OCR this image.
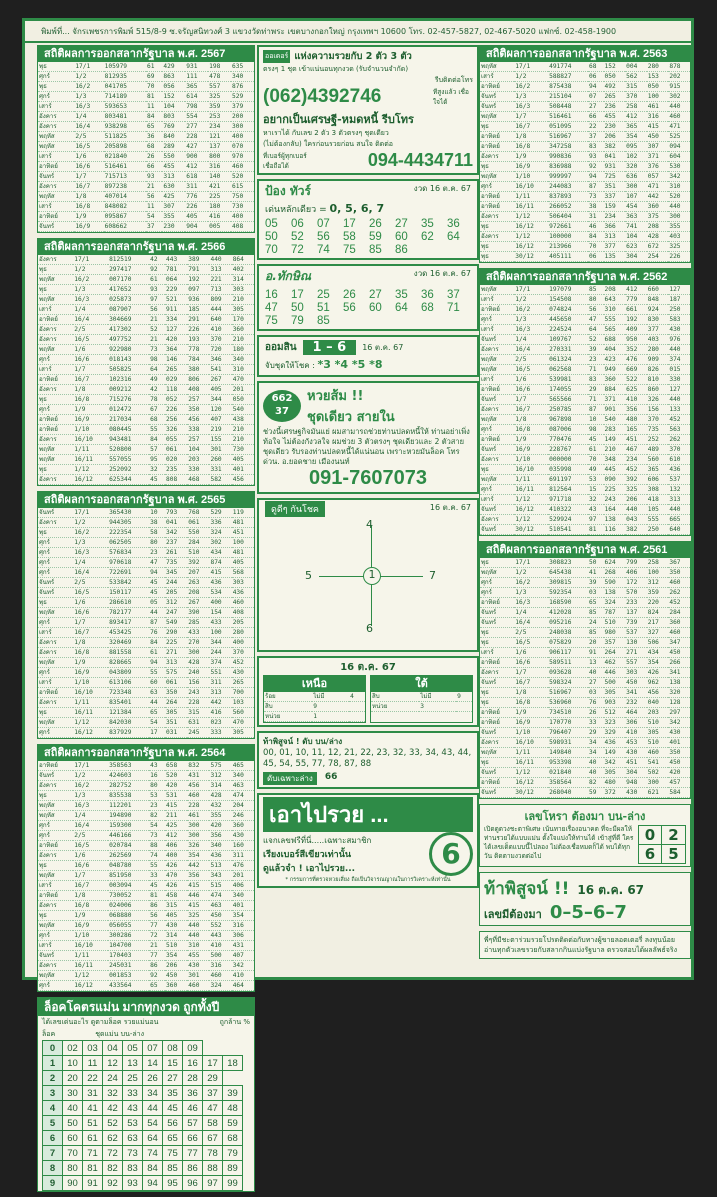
พิมพ์ที่... จักรเพชรการพิมพ์ 515/8-9 ซ.จรัญสนิทวงศ์ 3 แขวงวัดท่าพระ เขตบางกอกใหญ่ กรุงเทพฯ 10600 โทร. 02-457-5827, 02-467-5020 แฟกซ์. 02-458-1900
สถิติผลการออกสลากรัฐบาล พ.ศ. 2567
พุธ	17/1	105979	61	429	931	198	635
ศุกร์	1/2	812935	69	863	111	478	340
พุธ	16/2	041705	70	056	365	557	876
ศุกร์	1/3	714189	81	152	614	325	529
เสาร์	16/3	593653	11	104	798	359	379
อังคาร	1/4	803481	84	803	554	253	200
อังคาร	16/4	938298	65	769	277	234	300
พฤหัส	2/5	511825	36	840	228	121	400
พฤหัส	16/5	205898	68	289	427	137	070
เสาร์	1/6	021840	26	550	900	800	970
อาทิตย์	16/6	516461	66	455	412	316	460
จันทร์	1/7	715713	93	313	618	140	520
อังคาร	16/7	897238	21	630	311	421	615
พฤหัส	1/8	407014	56	425	776	225	750
เสาร์	16/8	848082	11	307	226	180	730
อาทิตย์	1/9	095867	54	355	405	416	400
จันทร์	16/9	608662	37	230	904	005	408
สถิติผลการออกสลากรัฐบาล พ.ศ. 2566
อังคาร	17/1	812519	42	443	389	440	864
พุธ	1/2	297417	92	781	791	313	402
พฤหัส	16/2	007170	61	064	192	221	314
พุธ	1/3	417652	93	229	097	713	303
พฤหัส	16/3	025873	97	521	936	809	210
เสาร์	1/4	087907	56	911	185	444	305
อาทิตย์	16/4	304669	21	334	291	640	170
อังคาร	2/5	417302	52	127	226	410	360
อังคาร	16/5	497752	21	420	193	370	210
พฤหัส	1/6	922980	73	364	778	720	180
ศุกร์	16/6	018143	98	146	784	346	340
เสาร์	1/7	505825	64	265	380	541	310
อาทิตย์	16/7	102316	49	029	806	267	470
อังคาร	1/8	009212	42	118	408	405	201
พุธ	16/8	715276	78	052	257	344	050
ศุกร์	1/9	012472	67	226	350	120	540
อาทิตย์	16/9	217034	68	256	456	407	438
อาทิตย์	1/10	080445	55	326	338	219	210
อังคาร	16/10	943481	84	055	257	155	210
พฤหัส	1/11	520800	57	061	104	301	730
พฤหัส	16/11	557055	95	020	203	260	405
พุธ	1/12	252092	32	235	330	331	401
อังคาร	16/12	625344	45	808	468	582	456
สถิติผลการออกสลากรัฐบาล พ.ศ. 2565
จันทร์	17/1	365430	10	793	768	529	119
อังคาร	1/2	944305	38	041	061	336	481
พุธ	16/2	222354	58	342	550	324	451
ศุกร์	1/3	062505	80	237	284	302	100
ศุกร์	16/3	576834	23	261	510	434	481
ศุกร์	1/4	970618	47	735	392	874	405
ศุกร์	16/4	722691	94	345	207	415	568
จันทร์	2/5	533842	45	244	263	436	303
จันทร์	16/5	150117	45	205	208	534	436
พุธ	1/6	286610	05	312	267	400	460
พฤหัส	16/6	782177	44	247	390	154	408
ศุกร์	1/7	893417	87	549	285	433	205
เสาร์	16/7	453425	76	290	433	100	280
อังคาร	1/8	320469	84	225	270	344	400
อังคาร	16/8	881558	61	271	300	244	370
พฤหัส	1/9	828665	94	313	428	374	452
ศุกร์	16/9	043809	55	575	240	551	430
เสาร์	1/10	613106	60	061	156	311	265
อาทิตย์	16/10	723348	63	350	243	313	700
อังคาร	1/11	835401	44	264	228	442	103
พุธ	16/11	121384	65	305	315	416	560
พฤหัส	1/12	842030	54	351	631	023	470
ศุกร์	16/12	837929	17	031	245	333	305
สถิติผลการออกสลากรัฐบาล พ.ศ. 2564
อาทิตย์	17/1	358563	43	658	832	575	465
จันทร์	1/2	424603	16	520	431	312	340
อังคาร	16/2	282752	80	420	456	314	463
พุธ	1/3	835538	53	531	460	428	474
พฤหัส	16/3	112201	23	415	228	432	204
พฤหัส	1/4	194890	82	211	461	355	246
ศุกร์	16/4	159300	54	425	300	420	360
ศุกร์	2/5	446166	73	412	300	356	430
อาทิตย์	16/5	020784	88	406	326	340	160
อังคาร	1/6	262569	74	400	354	436	311
พุธ	16/6	048780	55	426	442	513	476
พฤหัส	1/7	851950	33	470	356	343	201
เสาร์	16/7	003094	45	426	415	515	406
อาทิตย์	1/8	730052	81	458	446	474	340
อังคาร	16/8	024006	86	315	415	463	401
พุธ	1/9	068880	56	405	325	450	354
พฤหัส	16/9	056055	77	430	440	552	316
ศุกร์	1/10	300286	72	314	440	443	306
เสาร์	16/10	104700	21	510	310	410	431
จันทร์	1/11	170403	77	354	455	500	407
อังคาร	16/11	245031	86	206	430	316	342
พฤหัส	1/12	001853	92	450	301	460	410
ศุกร์	16/12	433564	65	360	460	324	464
ล็อคโคตรแม่น มากทุกงวด ถูกทั้งปี
ได้เลขเด่นอะไร ดูตามล็อค รวยแม่นอน	ถูกล้าน %
ล็อค	ชุดแม่น บน-ล่าง
0	02	03	04	05	07	08	09		
1	10	11	12	13	14	15	16	17	18
2	20	22	24	25	26	27	28	29	
3	30	31	32	33	34	35	36	37	39
4	40	41	42	43	44	45	46	47	48
5	50	51	52	53	54	56	57	58	59
6	60	61	62	63	64	65	66	67	68
7	70	71	72	73	74	75	77	78	79
8	80	81	82	83	84	85	86	88	89
9	90	91	92	93	94	95	96	97	99
ออเดอร์ แห่งความรวยกับ 2 ตัว 3 ตัว
ตรงๆ 1 ชุด เข้าแน่นอนทุกงวด (รับจำนวนจำกัด)
รีบติดต่อโทร
(062)4392746	ทีสูงแล้ว เชื่อใจได้
อยากเป็นเศรษฐี-หมดหนี้ รีบโทร
หาเราได้ กับเลข 2 ตัว 3 ตัวตรงๆ ชุดเดียว
(ไม่ต้องกลับ) ใครก่อนรวยก่อน สนใจ ติดต่อ
ที่เบอร์ผู้ทุกเบอร์ เชื่อถือได้	094-4434711
ป้อง ทัวร์	งวด 16 ต.ค. 67
เด่นหลักเดียว = 0, 5, 6, 7
05	06	07	17	26	27	35	36
50	52	56	58	59	60	62	64
70	72	74	75	85	86
อ.ทักษิณ	งวด 16 ต.ค. 67
16	17	25	26	27	35	36	37
47	50	51	56	60	64	68	71
75	79	85
ออมสิน	1 – 6	16 ต.ค. 67
จับชุดให้โชค : *3 *4 *5 *8
662
37
หวยส้ม !!
ชุดเดียว สายใน
ช่วงนี้เศรษฐกิจมันแย่ ผมสามารถช่วยท่านปลดหนี้ให้ ท่านอย่าเพิ่งท้อใจ ไม่ต้องกังวลใจ ผมช่วย 3 ตัวตรงๆ ชุดเดียวและ 2 ตัวสายชุดเดียว รับรองท่านปลดหนี้ได้แน่นอน เพราะหวยมันล็อค โทรด่วน. อ.ยอดชาย เมืองนนท์
091-7607073
ดูดีๆ กันโชค	16 ต.ค. 67
4
5	1	7
6
16 ต.ค. 67
เหนือ
ร้อย	ไม่มี	4
สิบ	9	
หน่วย	1	
ใต้
สิบ	ไม่มี	9
หน่วย	3	
ท้าพิสูจน์ ! ดับ บน/ล่าง
00, 01, 10, 11, 12, 21, 22, 23, 32, 33, 34, 43, 44, 45, 54, 55, 77, 78, 87, 88
ดับเฉพาะล่าง	66
เอาไปรวย ...
แจกเลขฟรีที่นี่.....เฉพาะสมาชิก
เรียงเบอร์สีเขียวเท่านั้น
ดูแล้วจำ ! เอาไปรวย...	6
* กรรมการที่ตรวจหวยเสี่ยง ถือเป็นวิจารณญาณในการวิเคราะห์เท่านั้น
สถิติผลการออกสลากรัฐบาล พ.ศ. 2563
พฤหัส	17/1	491774	68	152	004	280	878
เสาร์	1/2	588827	06	050	562	153	202
อาทิตย์	16/2	875438	94	492	315	050	915
จันทร์	1/3	215104	07	265	370	100	302
จันทร์	16/3	508448	27	236	258	461	440
พฤหัส	1/7	516461	66	455	412	316	460
พุธ	16/7	051095	22	230	365	415	471
อาทิตย์	1/8	516967	37	206	354	450	525
อาทิตย์	16/8	347258	83	382	095	307	094
อังคาร	1/9	990836	93	041	102	371	604
พุธ	16/9	836988	92	931	320	376	530
พฤหัส	1/10	999997	94	725	636	057	342
ศุกร์	16/10	244083	87	351	300	471	310
อาทิตย์	1/11	837893	73	337	107	442	520
อาทิตย์	16/11	266052	38	159	454	360	440
อังคาร	1/12	506404	31	234	363	375	300
พุธ	16/12	972661	46	366	741	208	355
อังคาร	1/12	100000	84	313	104	428	403
พุธ	16/12	213966	70	377	623	672	325
พุธ	30/12	405111	06	135	304	254	226
สถิติผลการออกสลากรัฐบาล พ.ศ. 2562
พฤหัส	17/1	197079	85	208	412	660	127
เสาร์	1/2	154508	80	643	779	848	187
อาทิตย์	16/2	074824	56	310	661	924	250
ศุกร์	1/3	445650	47	555	192	830	583
เสาร์	16/3	224524	64	565	409	377	430
จันทร์	1/4	109767	52	688	950	403	976
อังคาร	16/4	270331	39	404	352	280	440
พฤหัส	2/5	061324	23	423	476	909	374
พฤหัส	16/5	062568	71	949	669	826	015
เสาร์	1/6	539981	83	360	522	810	330
อาทิตย์	16/6	174055	29	884	625	860	127
จันทร์	1/7	565566	71	371	410	326	440
อังคาร	16/7	250785	87	901	356	156	133
พฤหัส	1/8	967898	10	540	480	370	452
ศุกร์	16/8	087006	98	283	165	735	563
อาทิตย์	1/9	770476	45	149	451	252	262
จันทร์	16/9	228767	61	210	467	489	370
อังคาร	1/10	000000	70	348	234	560	610
พุธ	16/10	035998	49	445	452	365	436
พฤหัส	1/11	691197	53	090	392	606	537
ศุกร์	16/11	812564	15	225	325	308	132
เสาร์	1/12	971718	32	243	206	418	313
จันทร์	16/12	410322	43	164	440	105	440
อังคาร	1/12	529924	97	138	043	555	665
จันทร์	30/12	510541	81	116	382	250	640
สถิติผลการออกสลากรัฐบาล พ.ศ. 2561
พุธ	17/1	308823	50	624	799	258	367
พฤหัส	1/2	645438	41	268	406	100	350
ศุกร์	16/2	309815	39	590	172	312	460
ศุกร์	1/3	592354	03	138	570	359	262
อาทิตย์	16/3	168590	65	324	233	220	452
จันทร์	1/4	412028	85	787	137	824	284
จันทร์	16/4	095216	24	510	739	217	360
พุธ	2/5	248038	85	980	537	327	460
พุธ	16/5	075829	20	357	130	506	347
เสาร์	1/6	906117	91	264	271	434	450
อาทิตย์	16/6	589511	13	462	557	354	266
อังคาร	1/7	093628	40	446	303	426	341
จันทร์	16/7	598324	27	500	450	962	138
พุธ	1/8	516967	03	305	341	456	320
พุธ	16/8	536960	76	903	232	040	128
อาทิตย์	1/9	734510	26	512	464	203	297
อาทิตย์	16/9	170770	33	323	306	510	342
จันทร์	1/10	796407	29	329	410	305	430
อังคาร	16/10	598931	34	436	453	510	401
พฤหัส	1/11	149840	34	149	430	460	350
พุธ	16/11	953398	40	342	451	541	450
จันทร์	1/12	021840	40	305	304	502	420
อาทิตย์	16/12	358564	82	480	948	300	457
จันทร์	30/12	268040	59	372	430	621	584
เลขโหรา ต้องมา บน-ล่าง
เปิดดูดวงชะตาพิเศษ เน้นทายเรื่องอนาคต ที่จะมีผลให้ท่านรวยได้แบบแม่น ตั้งใจแบ่งให้ท่านได้ เข้าสู่ที่ดี ใครได้เลขเด็ดแบบนี้ไปลอง ไม่ต้องเชื่อหมดก็ได้ พบได้ทุกวัน ติดตามงวดต่อไป
0 2
6 5
ท้าพิสูจน์ !! 16 ต.ค. 67
เลขมีต้องมา 0–5–6–7
พี่ๆที่มีชะตาร่วมรวยโปรดติดต่อกับทางผู้ขายลอตเตอรี่ ลงทุนน้อย อ่านทุกตัวเลขรวยกับสลากกินแบ่งรัฐบาล ตรวจสอบได้ผลลัพธ์จริง
